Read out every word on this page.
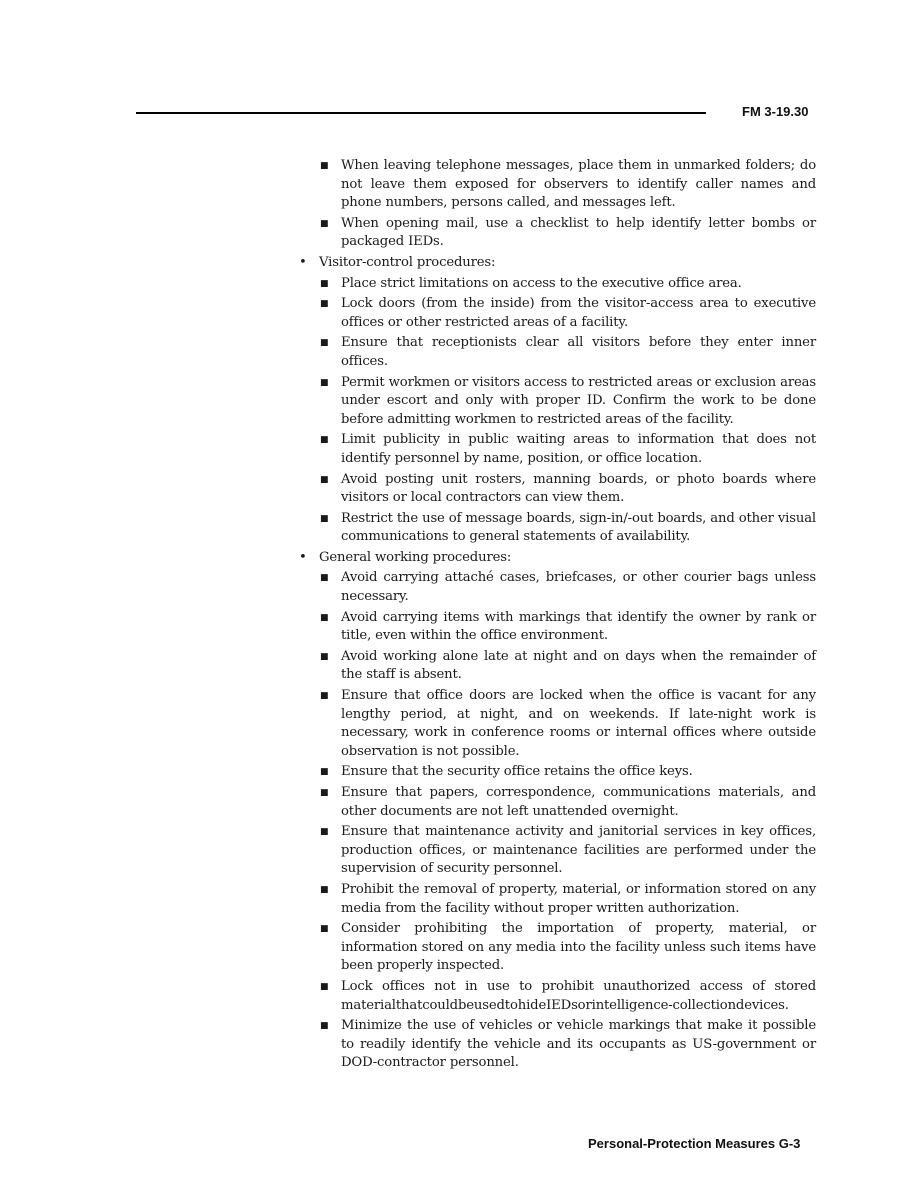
FM 3-19.30
■ When leaving telephone messages, place them in unmarked folders; do not leave them exposed for observers to identify caller names and phone numbers, persons called, and messages left.
■ When opening mail, use a checklist to help identify letter bombs or packaged IEDs.
• Visitor-control procedures:
■ Place strict limitations on access to the executive office area.
■ Lock doors (from the inside) from the visitor-access area to executive offices or other restricted areas of a facility.
■ Ensure that receptionists clear all visitors before they enter inner offices.
■ Permit workmen or visitors access to restricted areas or exclusion areas under escort and only with proper ID. Confirm the work to be done before admitting workmen to restricted areas of the facility.
■ Limit publicity in public waiting areas to information that does not identify personnel by name, position, or office location.
■ Avoid posting unit rosters, manning boards, or photo boards where visitors or local contractors can view them.
■ Restrict the use of message boards, sign-in/-out boards, and other visual communications to general statements of availability.
• General working procedures:
■ Avoid carrying attaché cases, briefcases, or other courier bags unless necessary.
■ Avoid carrying items with markings that identify the owner by rank or title, even within the office environment.
■ Avoid working alone late at night and on days when the remainder of the staff is absent.
■ Ensure that office doors are locked when the office is vacant for any lengthy period, at night, and on weekends. If late-night work is necessary, work in conference rooms or internal offices where outside observation is not possible.
■ Ensure that the security office retains the office keys.
■ Ensure that papers, correspondence, communications materials, and other documents are not left unattended overnight.
■ Ensure that maintenance activity and janitorial services in key offices, production offices, or maintenance facilities are performed under the supervision of security personnel.
■ Prohibit the removal of property, material, or information stored on any media from the facility without proper written authorization.
■ Consider prohibiting the importation of property, material, or information stored on any media into the facility unless such items have been properly inspected.
■ Lock offices not in use to prohibit unauthorized access of stored materialthatcouldbeusedtohideIEDsorintelligence-collectiondevices.
■ Minimize the use of vehicles or vehicle markings that make it possible to readily identify the vehicle and its occupants as US-government or DOD-contractor personnel.
Personal-Protection Measures G-3
